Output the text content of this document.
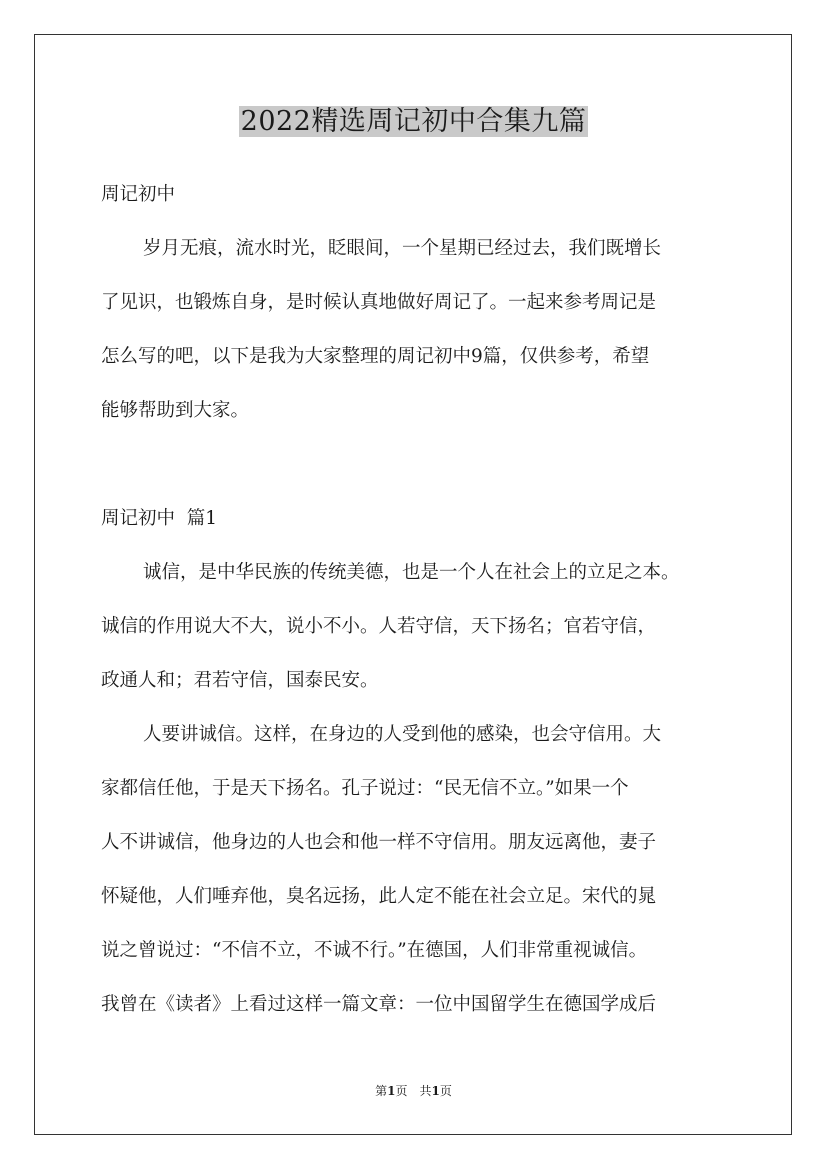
2022精选周记初中合集九篇
周记初中
岁月无痕，流水时光，眨眼间，一个星期已经过去，我们既增长
了见识，也锻炼自身，是时候认真地做好周记了。一起来参考周记是
怎么写的吧，以下是我为大家整理的周记初中9篇，仅供参考，希望
能够帮助到大家。
周记初中  篇1
诚信，是中华民族的传统美德，也是一个人在社会上的立足之本。
诚信的作用说大不大，说小不小。人若守信，天下扬名；官若守信，
政通人和；君若守信，国泰民安。
人要讲诚信。这样，在身边的人受到他的感染，也会守信用。大
家都信任他，于是天下扬名。孔子说过：“民无信不立。”如果一个
人不讲诚信，他身边的人也会和他一样不守信用。朋友远离他，妻子
怀疑他，人们唾弃他，臭名远扬，此人定不能在社会立足。宋代的晁
说之曾说过：“不信不立，不诚不行。”在德国，人们非常重视诚信。
我曾在《读者》上看过这样一篇文章：一位中国留学生在德国学成后
第1页 共1页
